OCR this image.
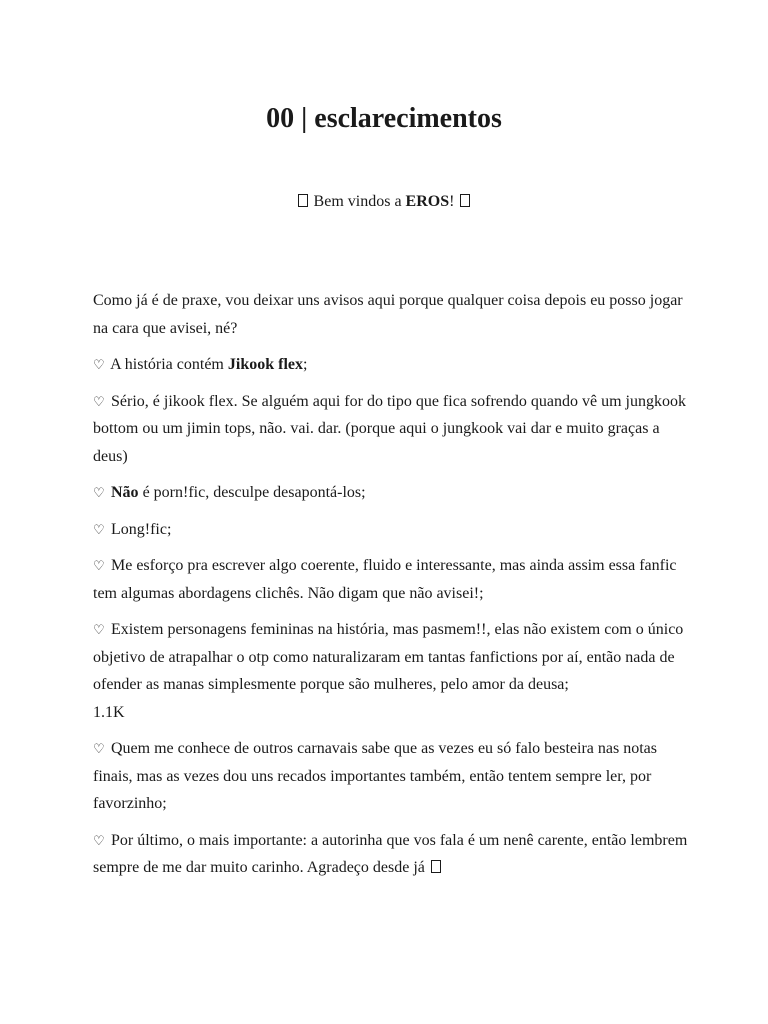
00 | esclarecimentos
Bem vindos a EROS!

Como já é de praxe, vou deixar uns avisos aqui porque qualquer coisa depois eu posso jogar na cara que avisei, né?

♡ A história contém Jikook flex;

♡ Sério, é jikook flex. Se alguém aqui for do tipo que fica sofrendo quando vê um jungkook bottom ou um jimin tops, não. vai. dar. (porque aqui o jungkook vai dar e muito graças a deus)

♡ Não é porn!fic, desculpe desapontá-los;

♡ Long!fic;

♡ Me esforço pra escrever algo coerente, fluido e interessante, mas ainda assim essa fanfic tem algumas abordagens clichês. Não digam que não avisei!;

♡ Existem personagens femininas na história, mas pasmem!!, elas não existem com o único objetivo de atrapalhar o otp como naturalizaram em tantas fanfictions por aí, então nada de ofender as manas simplesmente porque são mulheres, pelo amor da deusa;

1.1K

♡ Quem me conhece de outros carnavais sabe que as vezes eu só falo besteira nas notas finais, mas as vezes dou uns recados importantes também, então tentem sempre ler, por favorzinho;

♡ Por último, o mais importante: a autorinha que vos fala é um nenê carente, então lembrem sempre de me dar muito carinho. Agradeço desde já
